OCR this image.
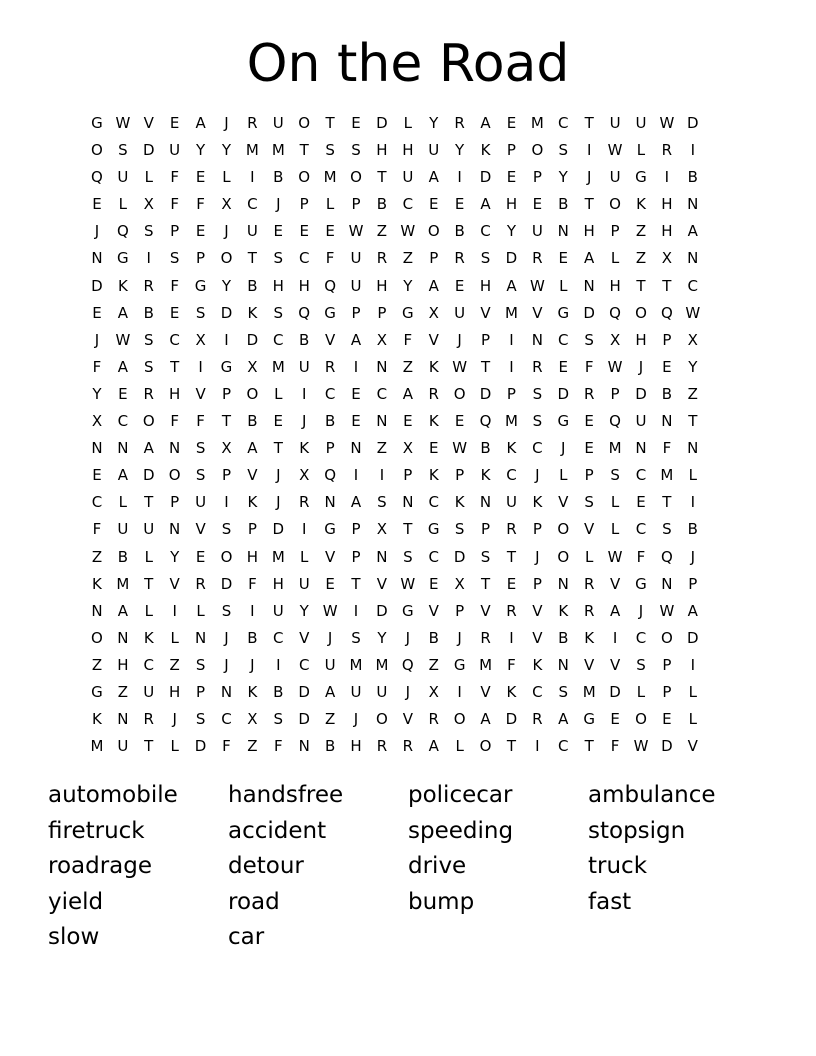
On the Road
G W V	E	A	J	R	U O	T	E	D	L	Y	R	A	E M C	T	U U W D
O	S	D U	Y	Y M M T	S	S	H H U	Y	K	P	O	S	I	W L	R	I
Q U	L	F	E	L	I	B O M O	T	U	A	I	D	E	P	Y	J	U G	I	B
E	L	X	F	F	X	C	J	P	L	P	B	C	E	E	A	H	E	B	T	O	K	H N
J	Q	S	P	E	J	U	E	E	E W Z W O B	C	Y	U N H	P	Z	H	A
N G	I	S	P	O	T	S	C	F	U	R	Z	P	R	S	D R	E	A	L	Z	X	N
D	K	R	F	G	Y	B	H H Q U H	Y	A	E	H	A W L	N H	T	T	C
E	A	B	E	S	D	K	S	Q G	P	P	G X	U	V M V G D Q O Q W
J	W S	C	X	I	D C	B	V	A	X	F	V	J	P	I	N	C	S	X	H	P	X
F	A	S	T	I	G X M U	R	I	N	Z	K W T	I	R	E	F W	J	E	Y
Y	E	R	H	V	P	O	L	I	C	E	C	A	R O D	P	S	D R	P	D B	Z
X	C O	F	F	T	B	E	J	B	E	N	E	K	E	Q M S	G	E	Q U N	T
N N	A	N	S	X	A	T	K	P	N	Z	X	E W B	K	C	J	E M N	F	N
E	A	D O	S	P	V	J	X Q	I	I	P	K	P	K	C	J	L	P	S	C M	L
C	L	T	P	U	I	K	J	R	N	A	S	N	C	K	N U	K	V	S	L	E	T	I
F	U U N	V	S	P	D	I	G	P	X	T	G	S	P	R	P	O V	L	C	S	B
Z	B	L	Y	E	O H M	L	V	P	N	S	C D	S	T	J	O	L W F	Q	J
K M T	V	R D	F	H U	E	T	V W E	X	T	E	P	N	R	V G N	P
N	A	L	I	L	S	I	U	Y W	I	D G V	P	V	R	V	K	R	A	J	W A
O N	K	L	N	J	B	C	V	J	S	Y	J	B	J	R	I	V	B	K	I	C O D
Z	H	C	Z	S	J	J	I	C	U M M Q Z G M	F	K	N	V	V	S	P	I
G Z	U H	P	N	K	B D A	U U	J	X	I	V	K	C	S M D	L	P	L
K	N	R	J	S	C	X	S	D Z	J	O V	R O A	D R	A G	E	O	E	L
M U	T	L	D	F	Z	F	N	B	H	R	R	A	L	O	T	I	C	T	F W D V
automobile	handsfree	policecar	ambulance
firetruck	accident	speeding	stopsign
roadrage	detour	drive	truck
yield	road	bump	fast
slow	car
